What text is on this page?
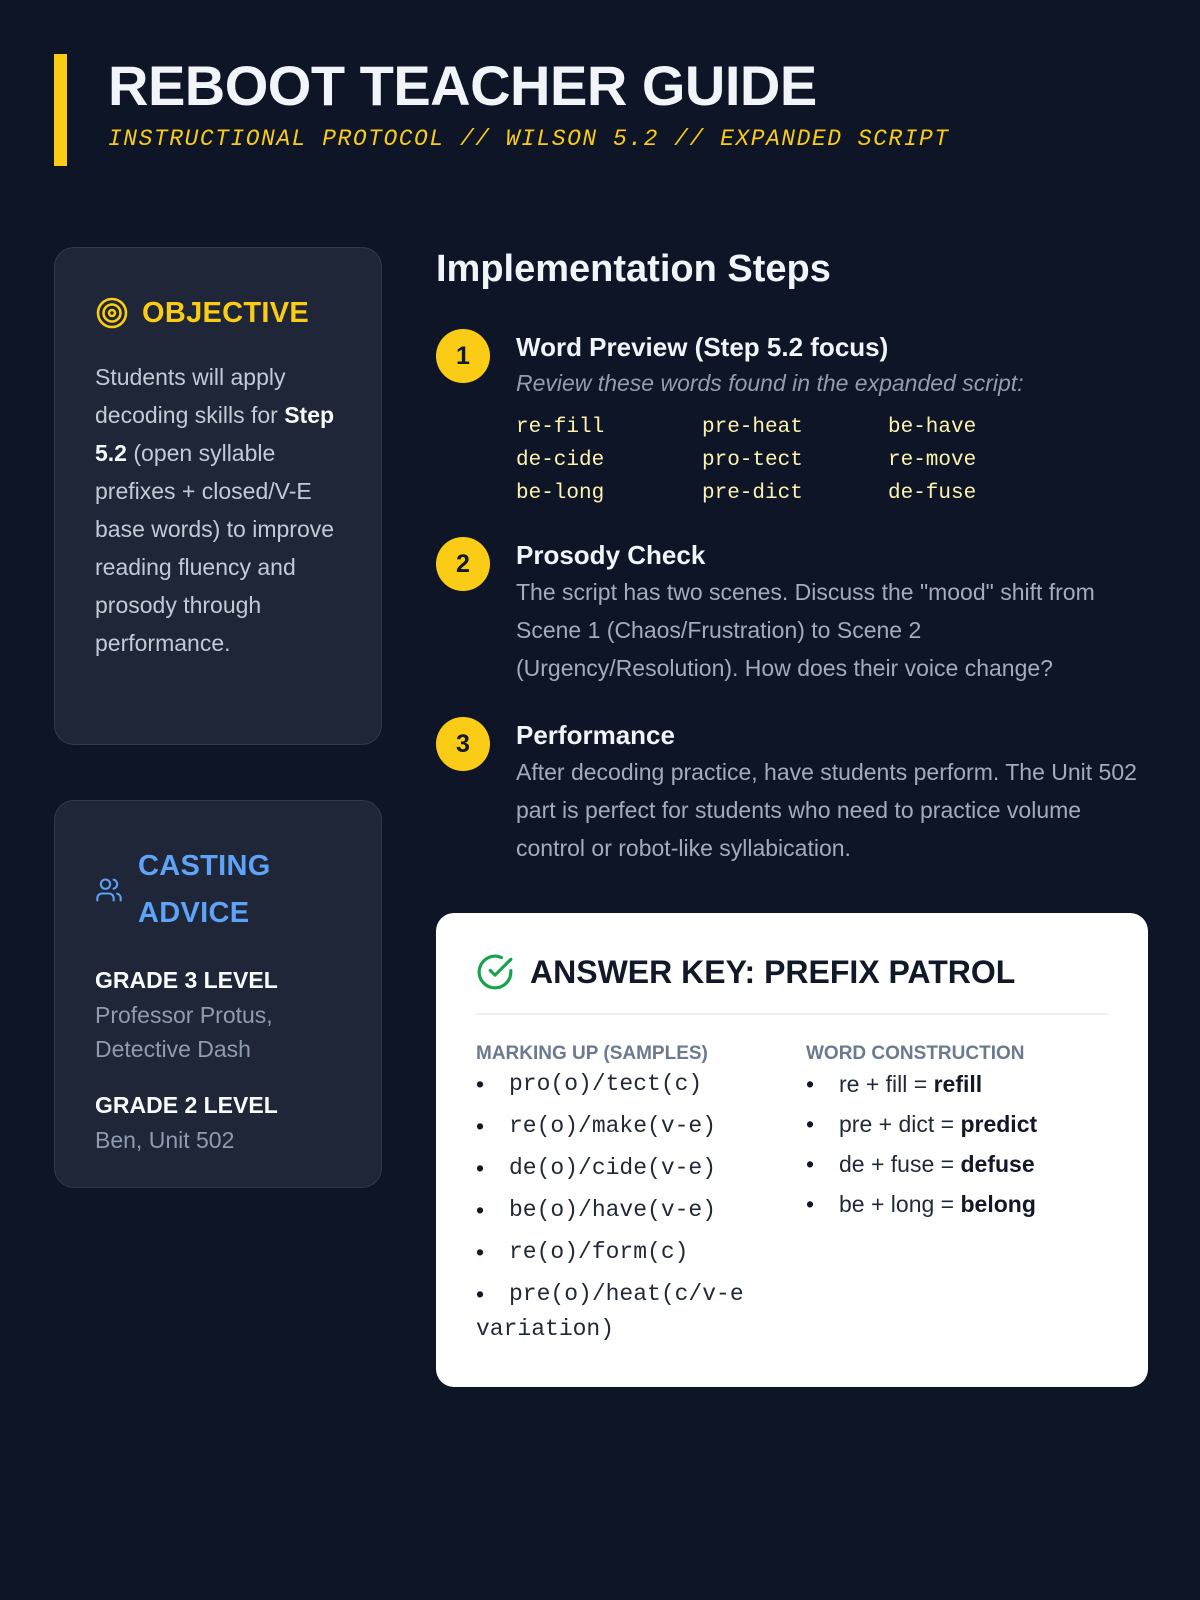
REBOOT TEACHER GUIDE
INSTRUCTIONAL PROTOCOL // WILSON 5.2 // EXPANDED SCRIPT
OBJECTIVE

Students will apply decoding skills for Step 5.2 (open syllable prefixes + closed/V-E base words) to improve reading fluency and prosody through performance.

CASTING ADVICE
GRADE 3 LEVEL
Professor Protus, Detective Dash
GRADE 2 LEVEL
Ben, Unit 502
Implementation Steps
1	Word Preview (Step 5.2 focus)
Review these words found in the expanded script:
re-fill	pre-heat	be-have
de-cide	pro-tect	re-move
be-long	pre-dict	de-fuse
2	Prosody Check
The script has two scenes. Discuss the "mood" shift from Scene 1 (Chaos/Frustration) to Scene 2 (Urgency/Resolution). How does their voice change?
3	Performance
After decoding practice, have students perform. The Unit 502 part is perfect for students who need to practice volume control or robot-like syllabication.
ANSWER KEY: PREFIX PATROL
MARKING UP (SAMPLES)
• pro(o)/tect(c)
• re(o)/make(v-e)
• de(o)/cide(v-e)
• be(o)/have(v-e)
• re(o)/form(c)
• pre(o)/heat(c/v-e variation)
WORD CONSTRUCTION
• re + fill = refill
• pre + dict = predict
• de + fuse = defuse
• be + long = belong
